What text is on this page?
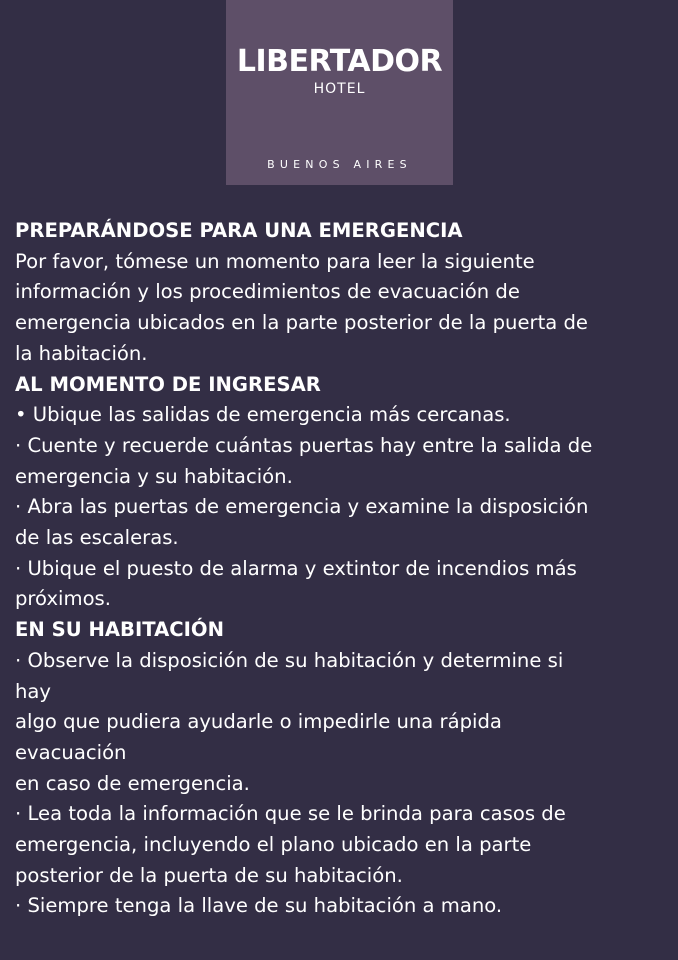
LIBERTADOR
HOTEL
BUENOS AIRES

PREPARÁNDOSE PARA UNA EMERGENCIA

Por favor, tómese un momento para leer la siguiente

información y los procedimientos de evacuación de

emergencia ubicados en la parte posterior de la puerta de

la habitación.

AL MOMENTO DE INGRESAR

• Ubique las salidas de emergencia más cercanas.

· Cuente y recuerde cuántas puertas hay entre la salida de

emergencia y su habitación.

· Abra las puertas de emergencia y examine la disposición

de las escaleras.

· Ubique el puesto de alarma y extintor de incendios más

próximos.

EN SU HABITACIÓN

· Observe la disposición de su habitación y determine si

hay

algo que pudiera ayudarle o impedirle una rápida

evacuación

en caso de emergencia.

· Lea toda la información que se le brinda para casos de

emergencia, incluyendo el plano ubicado en la parte

posterior de la puerta de su habitación.

· Siempre tenga la llave de su habitación a mano.
